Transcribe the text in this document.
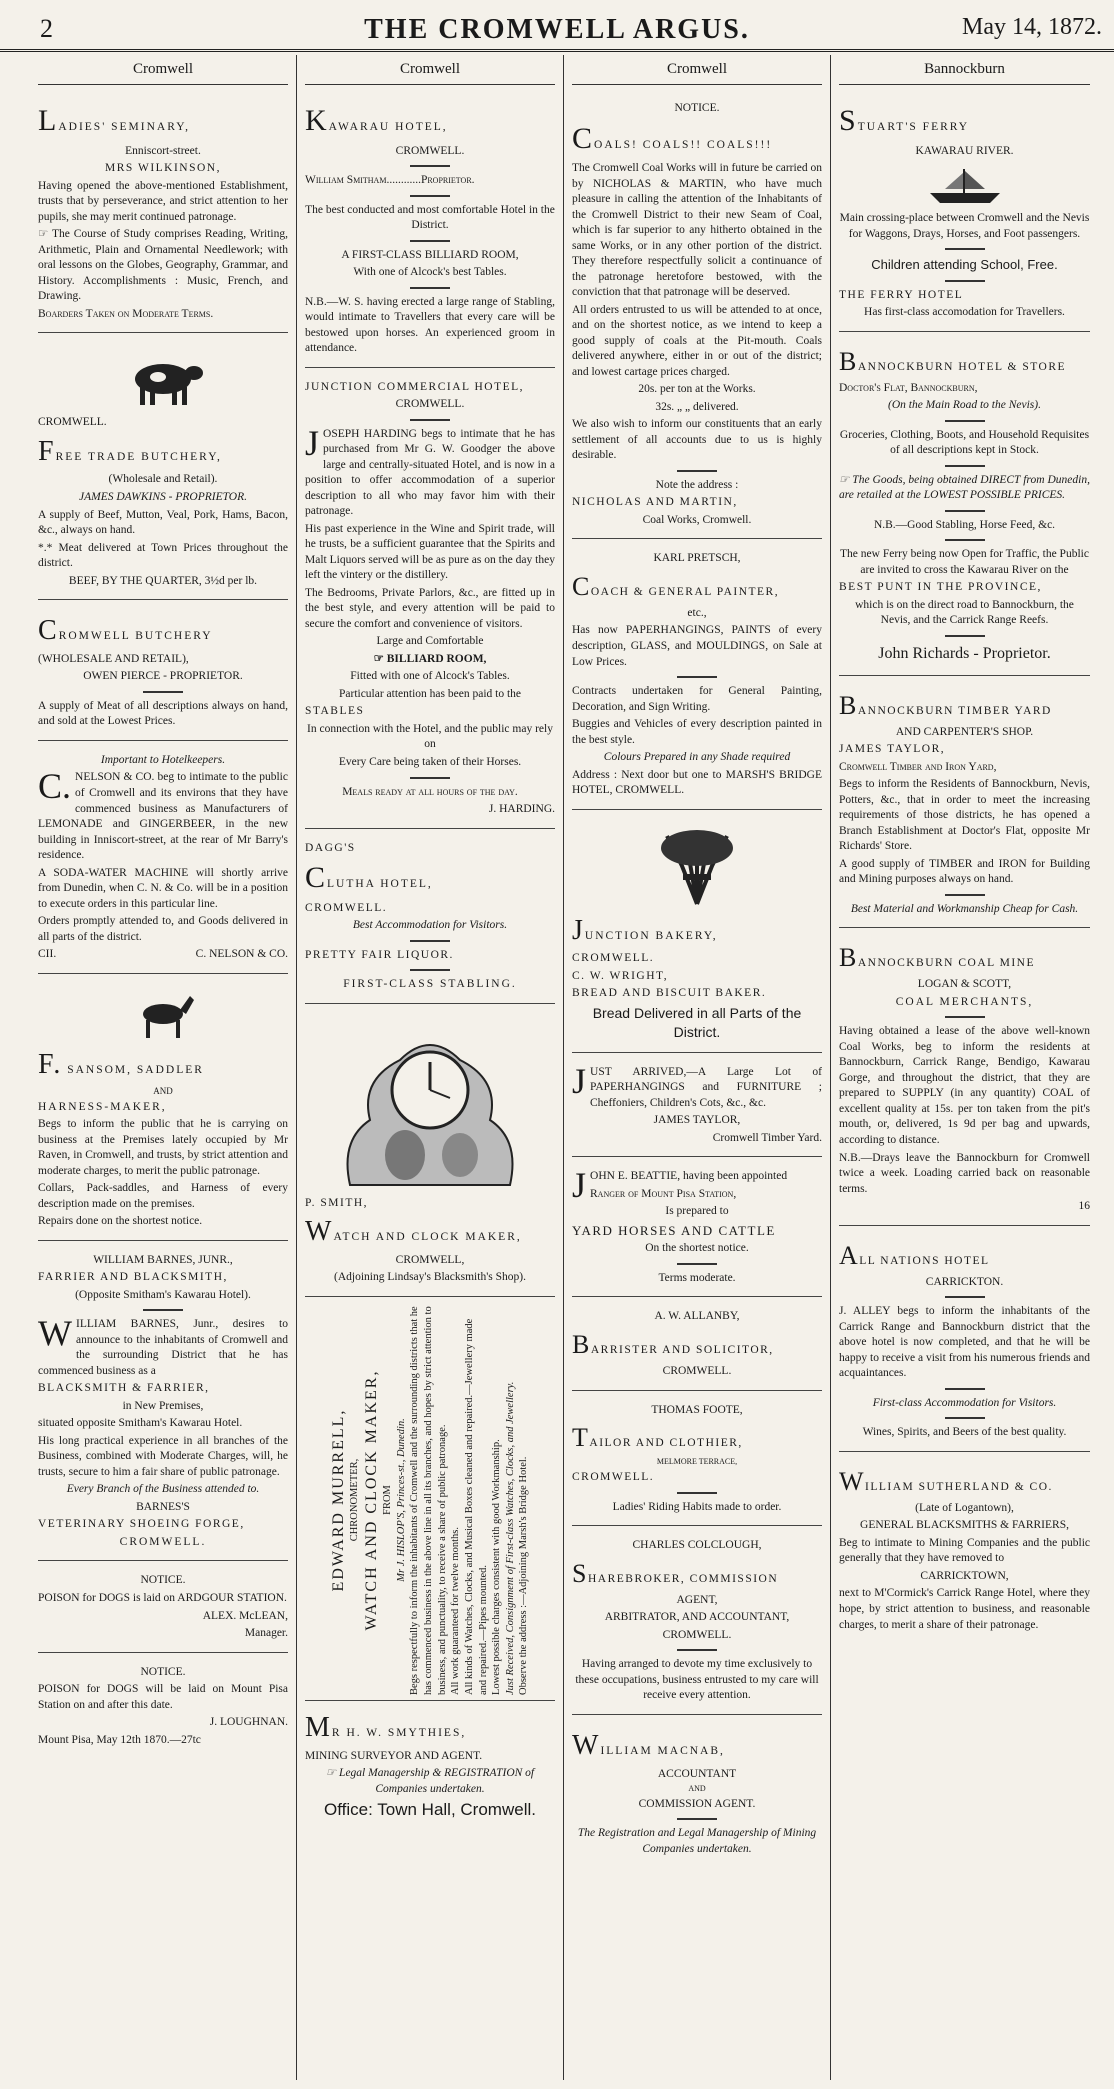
2	THE CROMWELL ARGUS.	May 14, 1872.
Cromwell

LADIES' SEMINARY,

Enniscort-street.

MRS WILKINSON,

Having opened the above-mentioned Establishment, trusts that by perseverance, and strict attention to her pupils, she may merit continued patronage.

☞ The Course of Study comprises Reading, Writing, Arithmetic, Plain and Ornamental Needlework; with oral lessons on the Globes, Geography, Grammar, and History. Accomplishments : Music, French, and Drawing.

Boarders Taken on Moderate Terms.

CROMWELL.

FREE TRADE BUTCHERY,

(Wholesale and Retail).

JAMES DAWKINS - PROPRIETOR.

A supply of Beef, Mutton, Veal, Pork, Hams, Bacon, &c., always on hand.

*.* Meat delivered at Town Prices throughout the district.

BEEF, BY THE QUARTER, 3½d per lb.

CROMWELL BUTCHERY

(WHOLESALE AND RETAIL),

OWEN PIERCE - PROPRIETOR.

A supply of Meat of all descriptions always on hand, and sold at the Lowest Prices.

Important to Hotelkeepers.

C. NELSON & CO. beg to intimate to the public of Cromwell and its environs that they have commenced business as Manufacturers of LEMONADE and GINGERBEER, in the new building in Inniscort-street, at the rear of Mr Barry's residence.

A SODA-WATER MACHINE will shortly arrive from Dunedin, when C. N. & Co. will be in a position to execute orders in this particular line.

Orders promptly attended to, and Goods delivered in all parts of the district.

CII.	C. NELSON & CO.

F. SANSOM, SADDLER

AND

HARNESS-MAKER,

Begs to inform the public that he is carrying on business at the Premises lately occupied by Mr Raven, in Cromwell, and trusts, by strict attention and moderate charges, to merit the public patronage.

Collars, Pack-saddles, and Harness of every description made on the premises.

Repairs done on the shortest notice.

WILLIAM BARNES, JUNR.,

FARRIER AND BLACKSMITH,

(Opposite Smitham's Kawarau Hotel).

WILLIAM BARNES, Junr., desires to announce to the inhabitants of Cromwell and the surrounding District that he has commenced business as a

BLACKSMITH & FARRIER,

in New Premises,

situated opposite Smitham's Kawarau Hotel.

His long practical experience in all branches of the Business, combined with Moderate Charges, will, he trusts, secure to him a fair share of public patronage.

Every Branch of the Business attended to.

BARNES'S

VETERINARY SHOEING FORGE,

CROMWELL.

NOTICE.

POISON for DOGS is laid on ARDGOUR STATION.

ALEX. McLEAN,

Manager.

NOTICE.

POISON for DOGS will be laid on Mount Pisa Station on and after this date.

J. LOUGHNAN.

Mount Pisa, May 12th 1870.—27tc

Cromwell

KAWARAU HOTEL,

CROMWELL.

William Smitham............Proprietor.

The best conducted and most comfortable Hotel in the District.

A FIRST-CLASS BILLIARD ROOM,

With one of Alcock's best Tables.

N.B.—W. S. having erected a large range of Stabling, would intimate to Travellers that every care will be bestowed upon horses. An experienced groom in attendance.

JUNCTION COMMERCIAL HOTEL,

CROMWELL.

JOSEPH HARDING begs to intimate that he has purchased from Mr G. W. Goodger the above large and centrally-situated Hotel, and is now in a position to offer accommodation of a superior description to all who may favor him with their patronage.

His past experience in the Wine and Spirit trade, will he trusts, be a sufficient guarantee that the Spirits and Malt Liquors served will be as pure as on the day they left the vintery or the distillery.

The Bedrooms, Private Parlors, &c., are fitted up in the best style, and every attention will be paid to secure the comfort and convenience of visitors.

Large and Comfortable

☞ BILLIARD ROOM,

Fitted with one of Alcock's Tables.

Particular attention has been paid to the

STABLES

In connection with the Hotel, and the public may rely on

Every Care being taken of their Horses.

Meals ready at all hours of the day.

J. HARDING.

DAGG'S

CLUTHA HOTEL,

CROMWELL.

Best Accommodation for Visitors.

PRETTY FAIR LIQUOR.

FIRST-CLASS STABLING.

P. SMITH,

WATCH AND CLOCK MAKER,

CROMWELL,

(Adjoining Lindsay's Blacksmith's Shop).

EDWARD MURRELL, CHRONOMETER,

WATCH AND CLOCK MAKER, FROM Mr J. HISLOP'S, Princes-st., Dunedin. Begs respectfully to inform the inhabitants of Cromwell and the surrounding districts that he has commenced business in the above line in all its branches, and hopes by strict attention to business, and punctuality, to receive a share of public patronage. All work guaranteed for twelve months. All kinds of Watches, Clocks, and Musical Boxes cleaned and repaired.—Jewellery made and repaired.—Pipes mounted. Lowest possible charges consistent with good Workmanship. Just Received, Consignment of First-class Watches, Clocks, and Jewellery. Observe the address :—Adjoining Marsh's Bridge Hotel.

MR H. W. SMYTHIES,

MINING SURVEYOR AND AGENT.

☞ Legal Managership & REGISTRATION of Companies undertaken.

Office: Town Hall, Cromwell.

Cromwell

NOTICE.

COALS! COALS!! COALS!!!

The Cromwell Coal Works will in future be carried on by NICHOLAS & MARTIN, who have much pleasure in calling the attention of the Inhabitants of the Cromwell District to their new Seam of Coal, which is far superior to any hitherto obtained in the same Works, or in any other portion of the district. They therefore respectfully solicit a continuance of the patronage heretofore bestowed, with the conviction that that patronage will be deserved.

All orders entrusted to us will be attended to at once, and on the shortest notice, as we intend to keep a good supply of coals at the Pit-mouth. Coals delivered anywhere, either in or out of the district; and lowest cartage prices charged.

20s. per ton at the Works.

32s. „ „ delivered.

We also wish to inform our constituents that an early settlement of all accounts due to us is highly desirable.

Note the address :

NICHOLAS AND MARTIN,

Coal Works, Cromwell.

KARL PRETSCH,

COACH & GENERAL PAINTER,

etc.,

Has now PAPERHANGINGS, PAINTS of every description, GLASS, and MOULDINGS, on Sale at Low Prices.

Contracts undertaken for General Painting, Decoration, and Sign Writing.

Buggies and Vehicles of every description painted in the best style.

Colours Prepared in any Shade required

Address : Next door but one to MARSH'S BRIDGE HOTEL, CROMWELL.

JUNCTION BAKERY,

CROMWELL.

C. W. WRIGHT,

BREAD AND BISCUIT BAKER.

Bread Delivered in all Parts of the District.

JUST ARRIVED,—A Large Lot of PAPERHANGINGS and FURNITURE ; Cheffoniers, Children's Cots, &c., &c.

JAMES TAYLOR,

Cromwell Timber Yard.

JOHN E. BEATTIE, having been appointed

Ranger of Mount Pisa Station,

Is prepared to

YARD HORSES AND CATTLE

On the shortest notice.

Terms moderate.

A. W. ALLANBY,

BARRISTER AND SOLICITOR,

CROMWELL.

THOMAS FOOTE,

TAILOR AND CLOTHIER,

MELMORE TERRACE,

CROMWELL.

Ladies' Riding Habits made to order.

CHARLES COLCLOUGH,

SHAREBROKER, COMMISSION

AGENT,

ARBITRATOR, AND ACCOUNTANT,

CROMWELL.

Having arranged to devote my time exclusively to these occupations, business entrusted to my care will receive every attention.

WILLIAM MACNAB,

ACCOUNTANT

AND

COMMISSION AGENT.

The Registration and Legal Managership of Mining Companies undertaken.

Bannockburn

STUART'S FERRY

KAWARAU RIVER.

Main crossing-place between Cromwell and the Nevis for Waggons, Drays, Horses, and Foot passengers.

Children attending School, Free.

THE FERRY HOTEL

Has first-class accomodation for Travellers.

BANNOCKBURN HOTEL & STORE

Doctor's Flat, Bannockburn,

(On the Main Road to the Nevis).

Groceries, Clothing, Boots, and Household Requisites of all descriptions kept in Stock.

☞ The Goods, being obtained DIRECT from Dunedin, are retailed at the LOWEST POSSIBLE PRICES.

N.B.—Good Stabling, Horse Feed, &c.

The new Ferry being now Open for Traffic, the Public are invited to cross the Kawarau River on the

BEST PUNT IN THE PROVINCE,

which is on the direct road to Bannockburn, the Nevis, and the Carrick Range Reefs.

John Richards - Proprietor.

BANNOCKBURN TIMBER YARD

AND CARPENTER'S SHOP.

JAMES TAYLOR,

Cromwell Timber and Iron Yard,

Begs to inform the Residents of Bannockburn, Nevis, Potters, &c., that in order to meet the increasing requirements of those districts, he has opened a Branch Establishment at Doctor's Flat, opposite Mr Richards' Store.

A good supply of TIMBER and IRON for Building and Mining purposes always on hand.

Best Material and Workmanship Cheap for Cash.

BANNOCKBURN COAL MINE

LOGAN & SCOTT,

COAL MERCHANTS,

Having obtained a lease of the above well-known Coal Works, beg to inform the residents at Bannockburn, Carrick Range, Bendigo, Kawarau Gorge, and throughout the district, that they are prepared to SUPPLY (in any quantity) COAL of excellent quality at 15s. per ton taken from the pit's mouth, or, delivered, 1s 9d per bag and upwards, according to distance.

N.B.—Drays leave the Bannockburn for Cromwell twice a week. Loading carried back on reasonable terms.

16

ALL NATIONS HOTEL

CARRICKTON.

J. ALLEY begs to inform the inhabitants of the Carrick Range and Bannockburn district that the above hotel is now completed, and that he will be happy to receive a visit from his numerous friends and acquaintances.

First-class Accommodation for Visitors.

Wines, Spirits, and Beers of the best quality.

WILLIAM SUTHERLAND & CO.

(Late of Logantown),

GENERAL BLACKSMITHS & FARRIERS,

Beg to intimate to Mining Companies and the public generally that they have removed to

CARRICKTOWN,

next to M'Cormick's Carrick Range Hotel, where they hope, by strict attention to business, and reasonable charges, to merit a share of their patronage.
